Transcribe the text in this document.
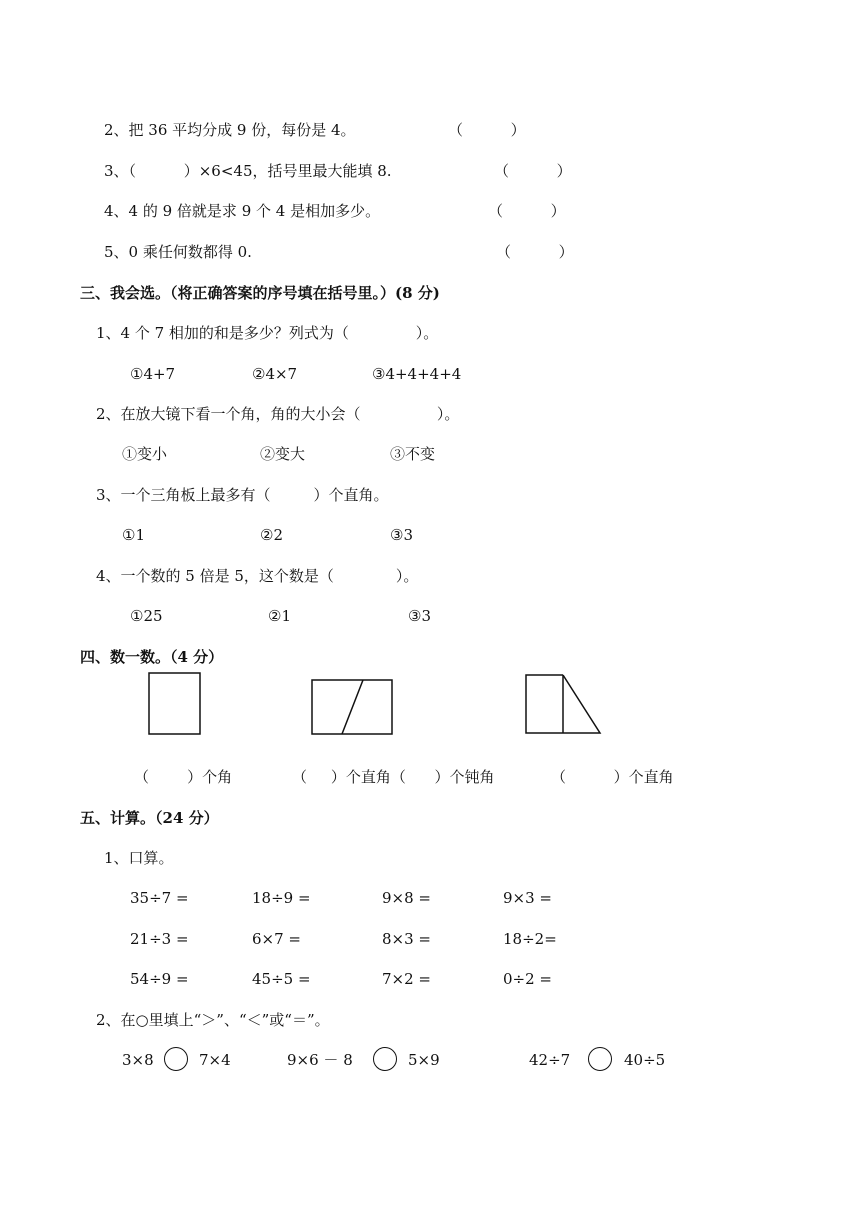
2、把 36 平均分成 9 份，每份是 4。	（          ）
3、（          ）×6<45，括号里最大能填 8.	（          ）
4、4 的 9 倍就是求 9 个 4 是相加多少。	（          ）
5、0 乘任何数都得 0.	（          ）
三、我会选。（将正确答案的序号填在括号里。）(8 分)
1、4 个 7 相加的和是多少？列式为（              ）。
①4+7	②4×7	③4+4+4+4
2、在放大镜下看一个角，角的大小会（                ）。
①变小	②变大	③不变
3、一个三角板上最多有（         ）个直角。
①1	②2	③3
4、一个数的 5 倍是 5，这个数是（             ）。
①25	②1	③3
四、数一数。（4 分）
（        ）个角	（     ）个直角（      ）个钝角	（          ）个直角
五、计算。（24 分）
1、口算。
35÷7 =	18÷9 =	9×8 =	9×3 =
21÷3 =	6×7 =	8×3 =	18÷2=
54÷9 =	45÷5 =	7×2 =	0÷2 =
2、在○里填上“＞”、“＜”或“＝”。
3×8	7×4	9×6 － 8	5×9	42÷7	40÷5
